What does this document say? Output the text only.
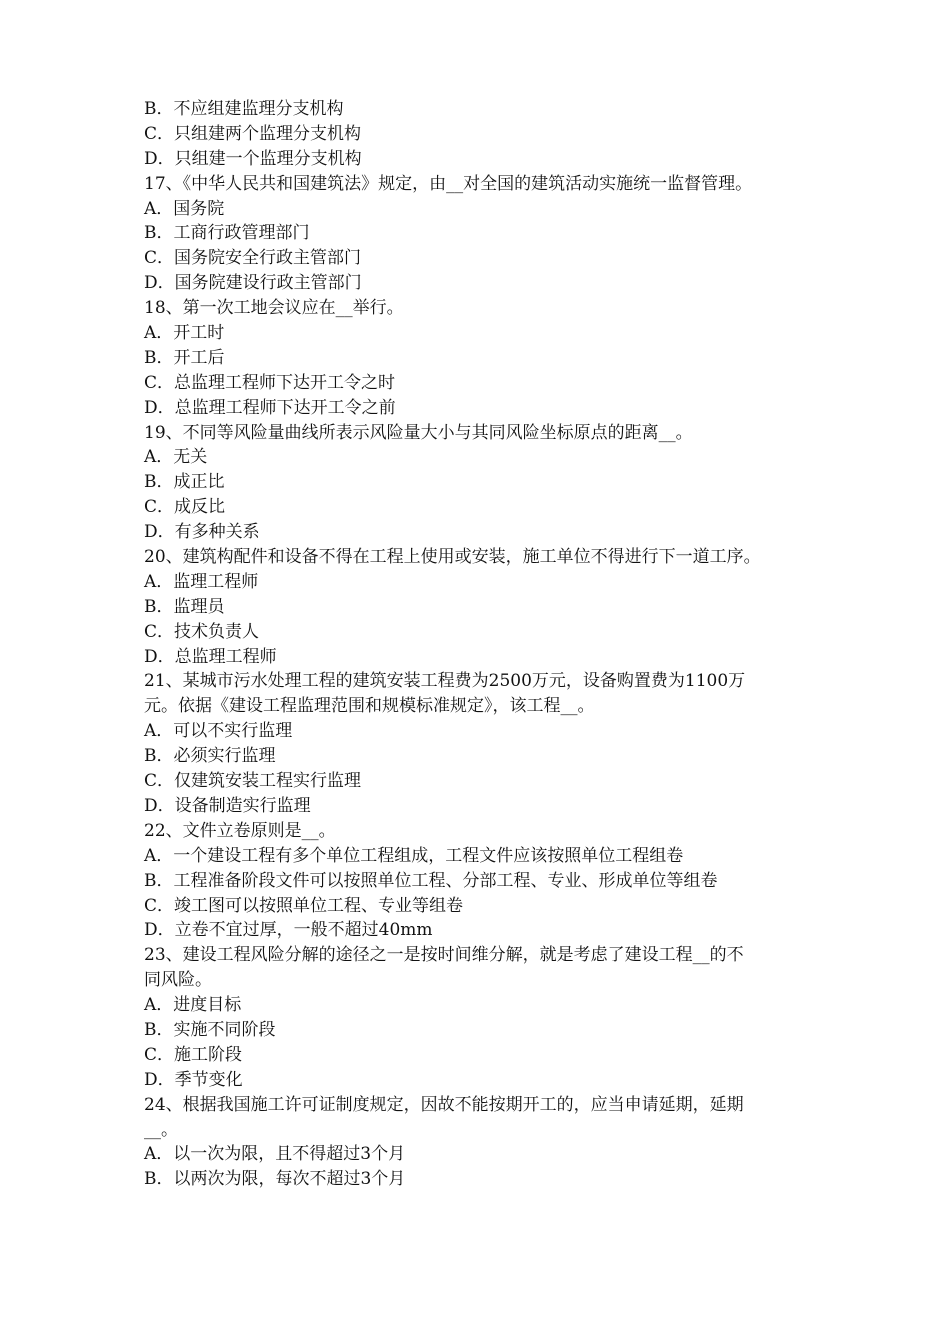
B．不应组建监理分支机构
C．只组建两个监理分支机构
D．只组建一个监理分支机构
17、《中华人民共和国建筑法》规定，由__对全国的建筑活动实施统一监督管理。
A．国务院
B．工商行政管理部门
C．国务院安全行政主管部门
D．国务院建设行政主管部门
18、第一次工地会议应在__举行。
A．开工时
B．开工后
C．总监理工程师下达开工令之时
D．总监理工程师下达开工令之前
19、不同等风险量曲线所表示风险量大小与其同风险坐标原点的距离__。
A．无关
B．成正比
C．成反比
D．有多种关系
20、建筑构配件和设备不得在工程上使用或安装，施工单位不得进行下一道工序。
A．监理工程师
B．监理员
C．技术负责人
D．总监理工程师
21、某城市污水处理工程的建筑安装工程费为2500万元，设备购置费为1100万
元。依据《建设工程监理范围和规模标准规定》，该工程__。
A．可以不实行监理
B．必须实行监理
C．仅建筑安装工程实行监理
D．设备制造实行监理
22、文件立卷原则是__。
A．一个建设工程有多个单位工程组成，工程文件应该按照单位工程组卷
B．工程准备阶段文件可以按照单位工程、分部工程、专业、形成单位等组卷
C．竣工图可以按照单位工程、专业等组卷
D．立卷不宜过厚，一般不超过40mm
23、建设工程风险分解的途径之一是按时间维分解，就是考虑了建设工程__的不
同风险。
A．进度目标
B．实施不同阶段
C．施工阶段
D．季节变化
24、根据我国施工许可证制度规定，因故不能按期开工的，应当申请延期，延期
__。
A．以一次为限，且不得超过3个月
B．以两次为限，每次不超过3个月
